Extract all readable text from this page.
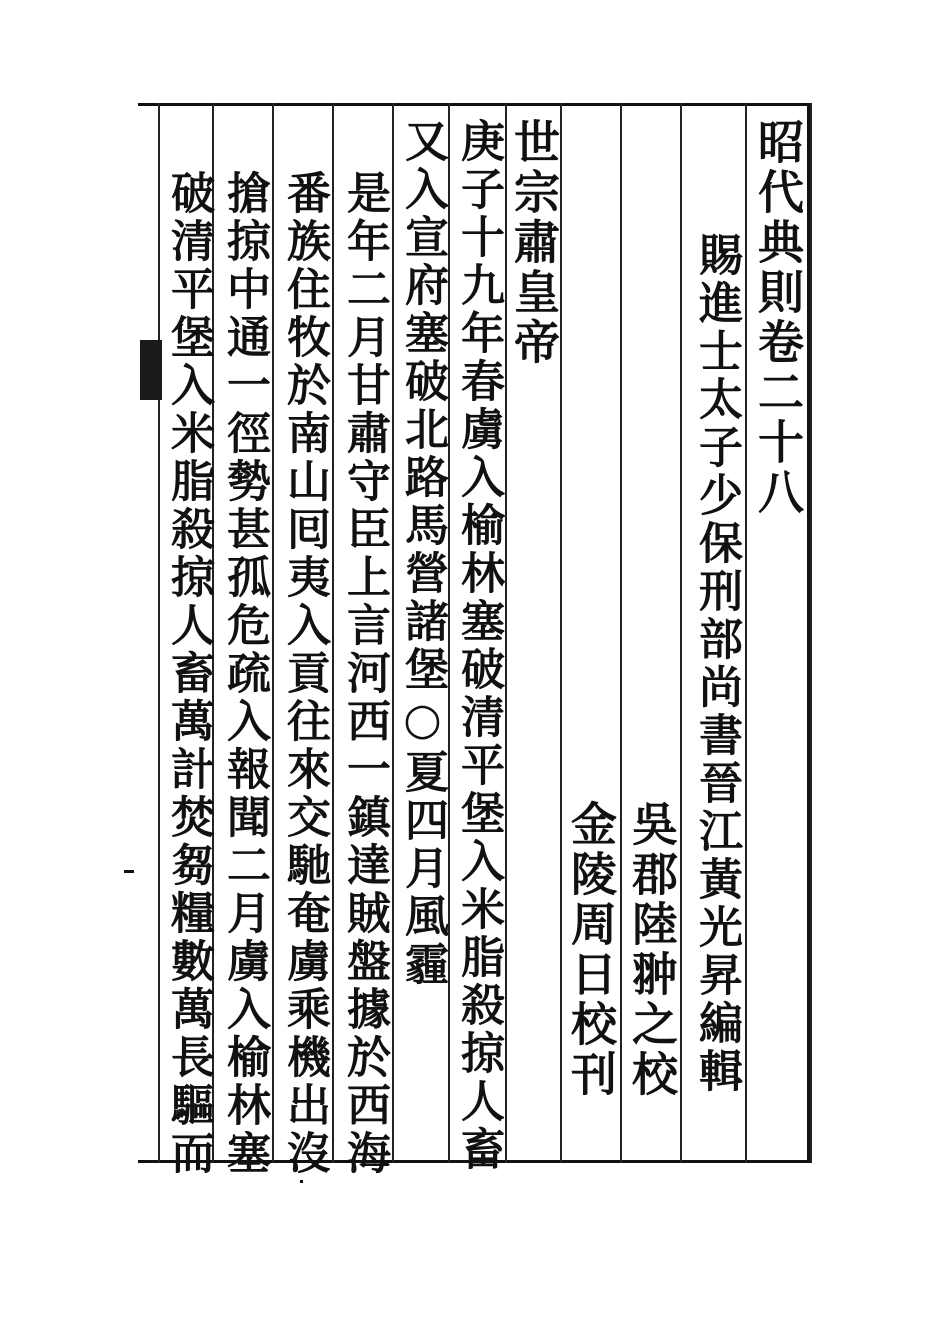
昭代典則卷二十八
賜進士太子少保刑部尚書晉江黃光昇編輯
吳郡陸翀之校
金陵周日校刊
世宗肅皇帝
庚子十九年春虜入榆林塞破清平堡入米脂殺掠人畜
又入宣府塞破北路馬營諸堡○夏四月風霾
是年二月甘肅守臣上言河西一鎮達賊盤據於西海
番族住牧於南山囘夷入貢往來交馳奄虜乘機出沒
搶掠中通一徑勢甚孤危疏入報聞二月虜入榆林塞
破清平堡入米脂殺掠人畜萬計焚芻糧數萬長驅而
